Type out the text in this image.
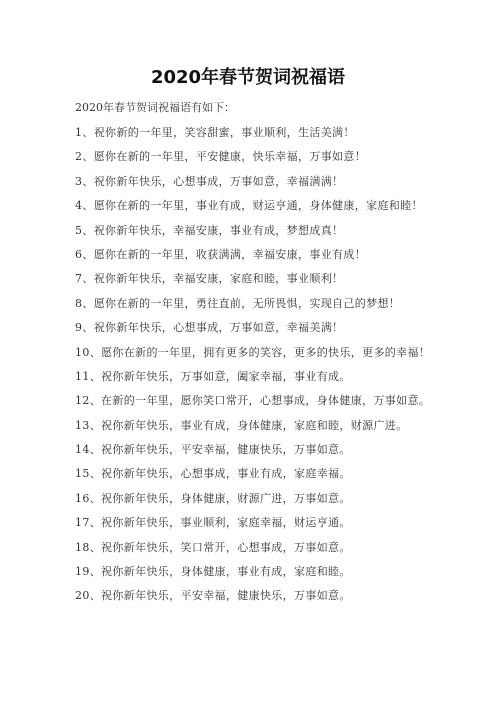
2020年春节贺词祝福语
2020年春节贺词祝福语有如下：
1、祝你新的一年里，笑容甜蜜，事业顺利，生活美满！
2、愿你在新的一年里，平安健康，快乐幸福，万事如意！
3、祝你新年快乐，心想事成，万事如意，幸福满满！
4、愿你在新的一年里，事业有成，财运亨通，身体健康，家庭和睦！
5、祝你新年快乐，幸福安康，事业有成，梦想成真！
6、愿你在新的一年里，收获满满，幸福安康，事业有成！
7、祝你新年快乐，幸福安康，家庭和睦，事业顺利！
8、愿你在新的一年里，勇往直前，无所畏惧，实现自己的梦想！
9、祝你新年快乐，心想事成，万事如意，幸福美满！
10、愿你在新的一年里，拥有更多的笑容，更多的快乐，更多的幸福！
11、祝你新年快乐，万事如意，阖家幸福，事业有成。
12、在新的一年里，愿你笑口常开，心想事成，身体健康，万事如意。
13、祝你新年快乐，事业有成，身体健康，家庭和睦，财源广进。
14、祝你新年快乐，平安幸福，健康快乐，万事如意。
15、祝你新年快乐，心想事成，事业有成，家庭幸福。
16、祝你新年快乐，身体健康，财源广进，万事如意。
17、祝你新年快乐，事业顺利，家庭幸福，财运亨通。
18、祝你新年快乐，笑口常开，心想事成，万事如意。
19、祝你新年快乐，身体健康，事业有成，家庭和睦。
20、祝你新年快乐，平安幸福，健康快乐，万事如意。
